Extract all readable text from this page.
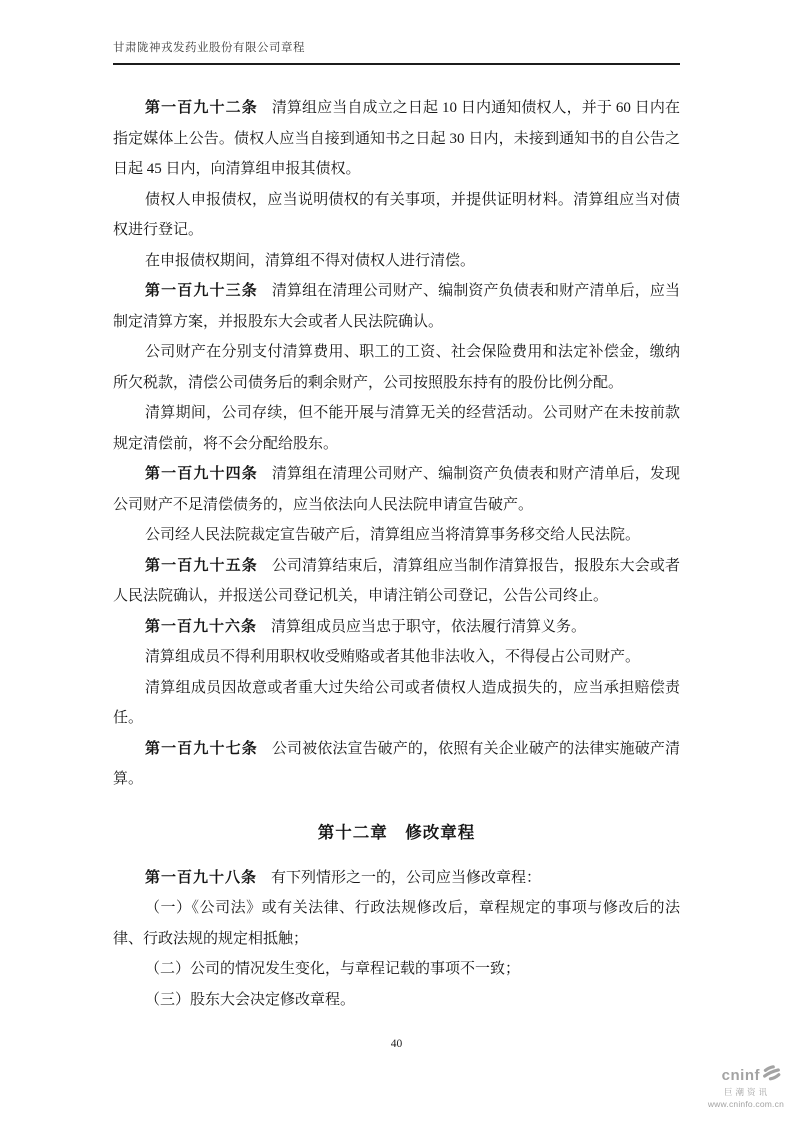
甘肃陇神戎发药业股份有限公司章程

第一百九十二条 清算组应当自成立之日起 10 日内通知债权人，并于 60 日内在指定媒体上公告。债权人应当自接到通知书之日起 30 日内，未接到通知书的自公告之日起 45 日内，向清算组申报其债权。

债权人申报债权，应当说明债权的有关事项，并提供证明材料。清算组应当对债权进行登记。

在申报债权期间，清算组不得对债权人进行清偿。

第一百九十三条 清算组在清理公司财产、编制资产负债表和财产清单后，应当制定清算方案，并报股东大会或者人民法院确认。

公司财产在分别支付清算费用、职工的工资、社会保险费用和法定补偿金，缴纳所欠税款，清偿公司债务后的剩余财产，公司按照股东持有的股份比例分配。

清算期间，公司存续，但不能开展与清算无关的经营活动。公司财产在未按前款规定清偿前，将不会分配给股东。

第一百九十四条 清算组在清理公司财产、编制资产负债表和财产清单后，发现公司财产不足清偿债务的，应当依法向人民法院申请宣告破产。

公司经人民法院裁定宣告破产后，清算组应当将清算事务移交给人民法院。

第一百九十五条 公司清算结束后，清算组应当制作清算报告，报股东大会或者人民法院确认，并报送公司登记机关，申请注销公司登记，公告公司终止。

第一百九十六条 清算组成员应当忠于职守，依法履行清算义务。

清算组成员不得利用职权收受贿赂或者其他非法收入，不得侵占公司财产。

清算组成员因故意或者重大过失给公司或者债权人造成损失的，应当承担赔偿责任。

第一百九十七条 公司被依法宣告破产的，依照有关企业破产的法律实施破产清算。

第十二章　修改章程

第一百九十八条 有下列情形之一的，公司应当修改章程：

（一）《公司法》或有关法律、行政法规修改后，章程规定的事项与修改后的法律、行政法规的规定相抵触；

（二）公司的情况发生变化，与章程记载的事项不一致；

（三）股东大会决定修改章程。

40
cninf
巨潮资讯
www.cninfo.com.cn
